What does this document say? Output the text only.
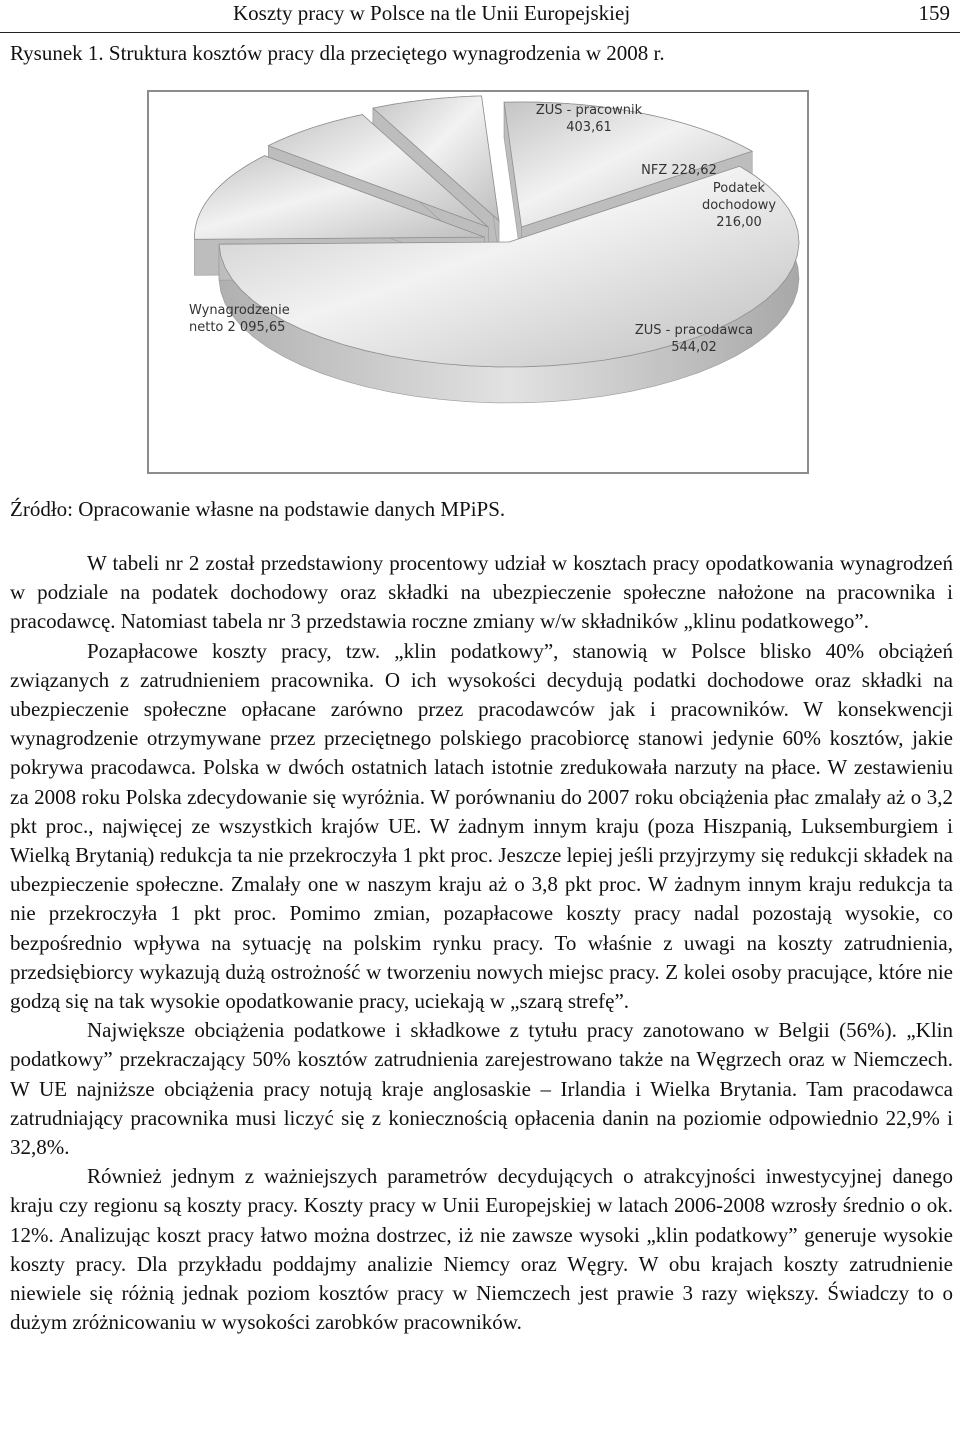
Koszty pracy w Polsce na tle Unii Europejskiej	159
Rysunek 1. Struktura kosztów pracy dla przeciętego wynagrodzenia w 2008 r.
Wynagrodzenie netto 2 095,65
ZUS - pracownik 403,61
NFZ 228,62
Podatek dochodowy 216,00
ZUS - pracodawca 544,02
Źródło: Opracowanie własne na podstawie danych MPiPS.

W tabeli nr 2 został przedstawiony procentowy udział w kosztach pracy opodatkowania wynagrodzeń w podziale na podatek dochodowy oraz składki na ubezpieczenie społeczne nałożone na pracownika i pracodawcę. Natomiast tabela nr 3 przedstawia roczne zmiany w/w składników „klinu podatkowego”.

Pozapłacowe koszty pracy, tzw. „klin podatkowy”, stanowią w Polsce blisko 40% obciążeń związanych z zatrudnieniem pracownika. O ich wysokości decydują podatki dochodowe oraz składki na ubezpieczenie społeczne opłacane zarówno przez pracodawców jak i pracowników. W konsekwencji wynagrodzenie otrzymywane przez przeciętnego polskiego pracobiorcę stanowi jedynie 60% kosztów, jakie pokrywa pracodawca. Polska w dwóch ostatnich latach istotnie zredukowała narzuty na płace. W zestawieniu za 2008 roku Polska zdecydowanie się wyróżnia. W porównaniu do 2007 roku obciążenia płac zmalały aż o 3,2 pkt proc., najwięcej ze wszystkich krajów UE. W żadnym innym kraju (poza Hiszpanią, Luksemburgiem i Wielką Brytanią) redukcja ta nie przekroczyła 1 pkt proc. Jeszcze lepiej jeśli przyjrzymy się redukcji składek na ubezpieczenie społeczne. Zmalały one w naszym kraju aż o 3,8 pkt proc. W żadnym innym kraju redukcja ta nie przekroczyła 1 pkt proc. Pomimo zmian, pozapłacowe koszty pracy nadal pozostają wysokie, co bezpośrednio wpływa na sytuację na polskim rynku pracy. To właśnie z uwagi na koszty zatrudnienia, przedsiębiorcy wykazują dużą ostrożność w tworzeniu nowych miejsc pracy. Z kolei osoby pracujące, które nie godzą się na tak wysokie opodatkowanie pracy, uciekają w „szarą strefę”.

Największe obciążenia podatkowe i składkowe z tytułu pracy zanotowano w Belgii (56%). „Klin podatkowy” przekraczający 50% kosztów zatrudnienia zarejestrowano także na Węgrzech oraz w Niemczech. W UE najniższe obciążenia pracy notują kraje anglosaskie – Irlandia i Wielka Brytania. Tam pracodawca zatrudniający pracownika musi liczyć się z koniecznością opłacenia danin na poziomie odpowiednio 22,9% i 32,8%.

Również jednym z ważniejszych parametrów decydujących o atrakcyjności inwestycyjnej danego kraju czy regionu są koszty pracy. Koszty pracy w Unii Europejskiej w latach 2006-2008 wzrosły średnio o ok. 12%. Analizując koszt pracy łatwo można dostrzec, iż nie zawsze wysoki „klin podatkowy” generuje wysokie koszty pracy. Dla przykładu poddajmy analizie Niemcy oraz Węgry. W obu krajach koszty zatrudnienie niewiele się różnią jednak poziom kosztów pracy w Niemczech jest prawie 3 razy większy. Świadczy to o dużym zróżnicowaniu w wysokości zarobków pracowników.
